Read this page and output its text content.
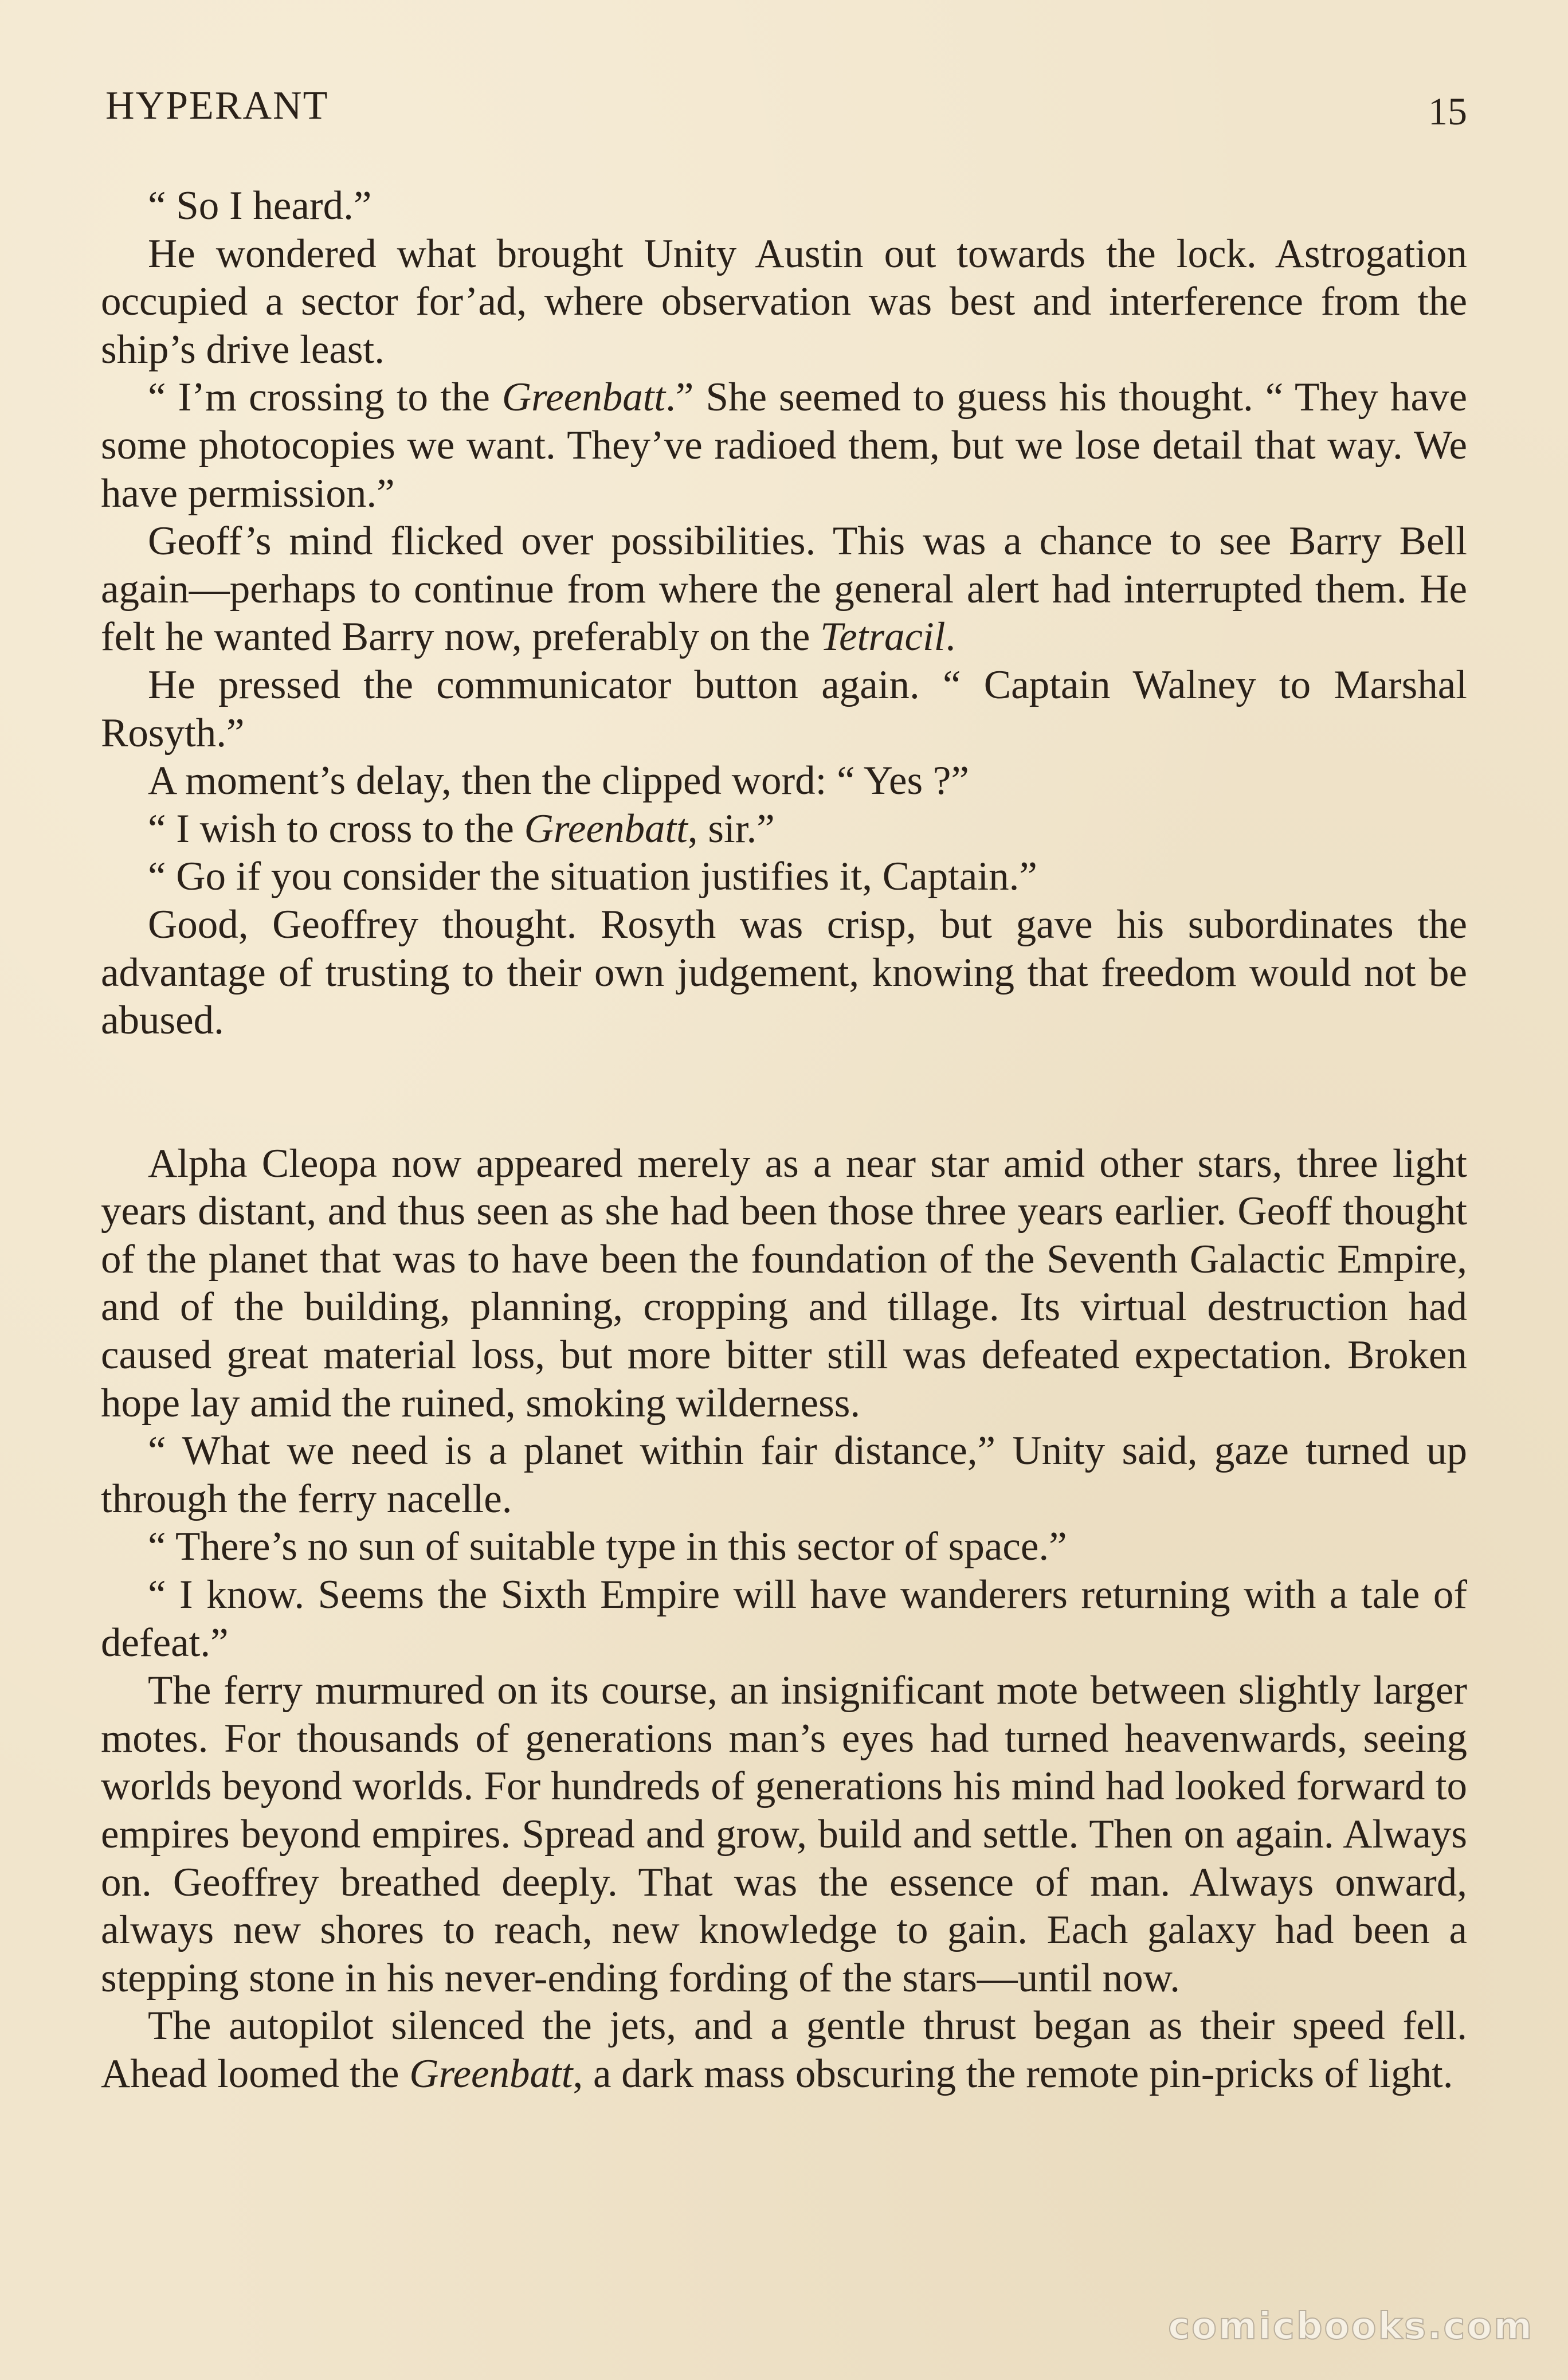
HYPERANT	15

“ So I heard.”

He wondered what brought Unity Austin out towards the lock. Astrogation occupied a sector for’ad, where observation was best and interference from the ship’s drive least.

“ I’m crossing to the Greenbatt.” She seemed to guess his thought. “ They have some photocopies we want. They’ve radioed them, but we lose detail that way. We have permission.”

Geoff’s mind flicked over possibilities. This was a chance to see Barry Bell again—perhaps to continue from where the general alert had interrupted them. He felt he wanted Barry now, preferably on the Tetracil.

He pressed the communicator button again. “ Captain Walney to Marshal Rosyth.”

A moment’s delay, then the clipped word: “ Yes ?”

“ I wish to cross to the Greenbatt, sir.”

“ Go if you consider the situation justifies it, Captain.”

Good, Geoffrey thought. Rosyth was crisp, but gave his subordinates the advantage of trusting to their own judgement, knowing that freedom would not be abused.

Alpha Cleopa now appeared merely as a near star amid other stars, three light years distant, and thus seen as she had been those three years earlier. Geoff thought of the planet that was to have been the foundation of the Seventh Galactic Empire, and of the building, planning, cropping and tillage. Its virtual destruction had caused great material loss, but more bitter still was defeated expectation. Broken hope lay amid the ruined, smoking wilderness.

“ What we need is a planet within fair distance,” Unity said, gaze turned up through the ferry nacelle.

“ There’s no sun of suitable type in this sector of space.”

“ I know. Seems the Sixth Empire will have wanderers returning with a tale of defeat.”

The ferry murmured on its course, an insignificant mote between slightly larger motes. For thousands of generations man’s eyes had turned heavenwards, seeing worlds beyond worlds. For hundreds of generations his mind had looked forward to empires beyond empires. Spread and grow, build and settle. Then on again. Always on. Geoffrey breathed deeply. That was the essence of man. Always onward, always new shores to reach, new knowledge to gain. Each galaxy had been a stepping stone in his never-ending fording of the stars—until now.

The autopilot silenced the jets, and a gentle thrust began as their speed fell. Ahead loomed the Greenbatt, a dark mass obscuring the remote pin-pricks of light.

comicbooks.com
